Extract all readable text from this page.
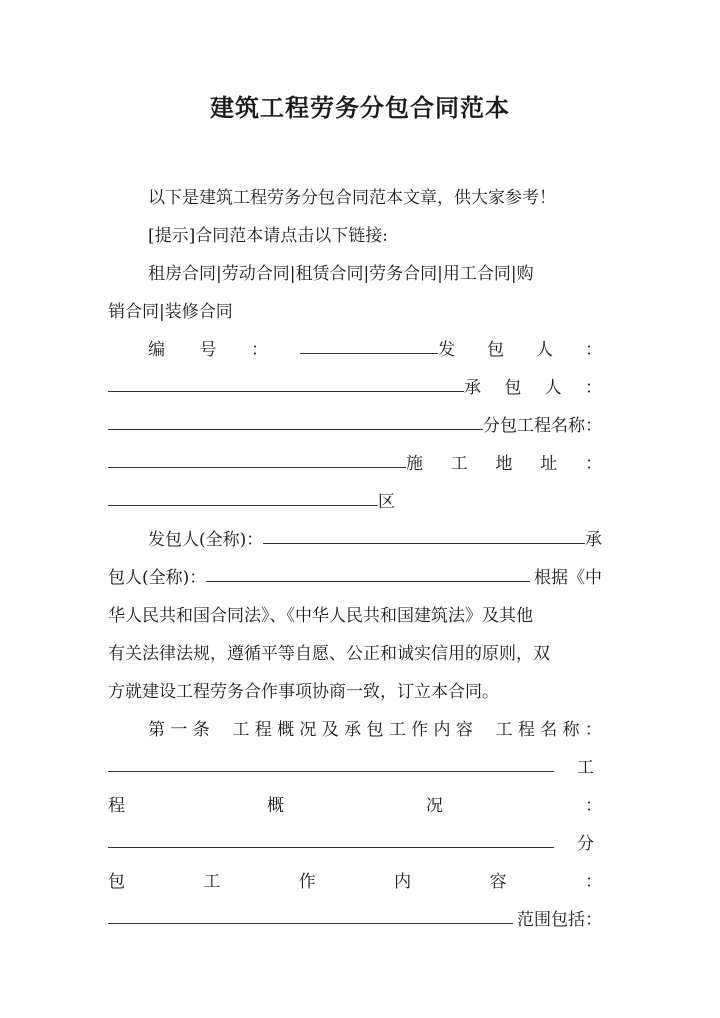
建筑工程劳务分包合同范本
以下是建筑工程劳务分包合同范本文章，供大家参考！
[提示]合同范本请点击以下链接:
租房合同|劳动合同|租赁合同|劳务合同|用工合同|购
销合同|装修合同
编 号 ：	发 包 人 ：
承 包 人 ：
分包工程名称：
施 工 地 址 ：
区
发包人(全称)：	承
包人(全称)：	根据《中
华人民共和国合同法》、《中华人民共和国建筑法》及其他
有关法律法规，遵循平等自愿、公正和诚实信用的原则，双
方就建设工程劳务合作事项协商一致，订立本合同。
第 一 条 工 程 概 况 及 承 包 工 作 内 容 工 程 名 称 ：
工
程	概	况	：
分
包	工	作	内	容	：
范围包括：
